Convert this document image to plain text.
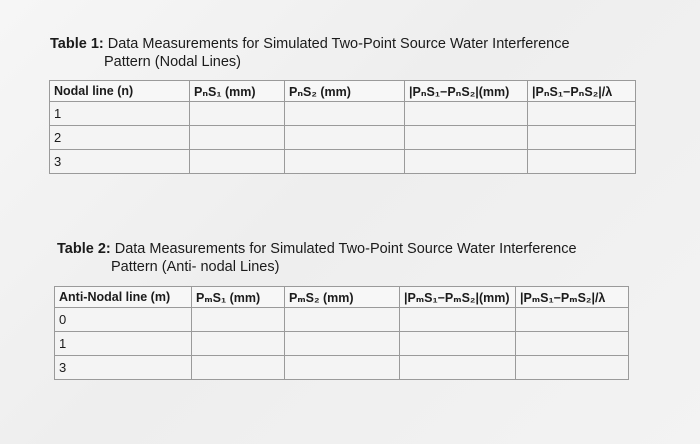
Table 1: Data Measurements for Simulated Two-Point Source Water Interference
Pattern (Nodal Lines)
Nodal line (n)	PₙS₁ (mm)	PₙS₂ (mm)	|PₙS₁−PₙS₂|(mm)	|PₙS₁−PₙS₂|/λ
1				
2				
3				
Table 2: Data Measurements for Simulated Two-Point Source Water Interference
Pattern (Anti- nodal Lines)
Anti-Nodal line (m)	PₘS₁ (mm)	PₘS₂ (mm)	|PₘS₁−PₘS₂|(mm)	|PₘS₁−PₘS₂|/λ
0				
1				
3				
